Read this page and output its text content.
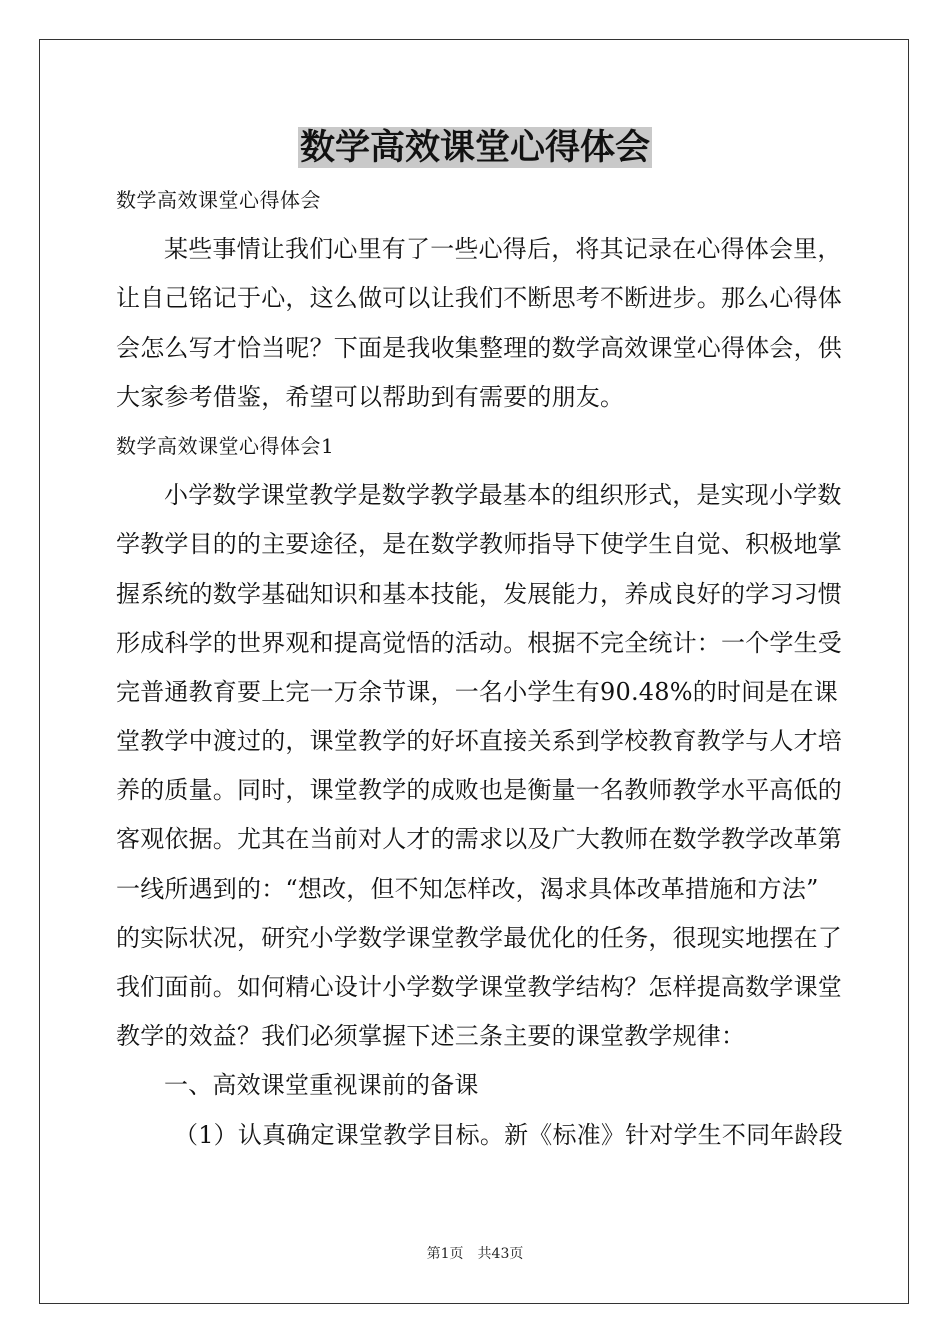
数学高效课堂心得体会

数学高效课堂心得体会

某些事情让我们心里有了一些心得后，将其记录在心得体会里，

让自己铭记于心，这么做可以让我们不断思考不断进步。那么心得体

会怎么写才恰当呢？下面是我收集整理的数学高效课堂心得体会，供

大家参考借鉴，希望可以帮助到有需要的朋友。

数学高效课堂心得体会1

小学数学课堂教学是数学教学最基本的组织形式，是实现小学数

学教学目的的主要途径，是在数学教师指导下使学生自觉、积极地掌

握系统的数学基础知识和基本技能，发展能力，养成良好的学习习惯

形成科学的世界观和提高觉悟的活动。根据不完全统计：一个学生受

完普通教育要上完一万余节课，一名小学生有90.48%的时间是在课

堂教学中渡过的，课堂教学的好坏直接关系到学校教育教学与人才培

养的质量。同时，课堂教学的成败也是衡量一名教师教学水平高低的

客观依据。尤其在当前对人才的需求以及广大教师在数学教学改革第

一线所遇到的：“想改，但不知怎样改，渴求具体改革措施和方法”

的实际状况，研究小学数学课堂教学最优化的任务，很现实地摆在了

我们面前。如何精心设计小学数学课堂教学结构？怎样提高数学课堂

教学的效益？我们必须掌握下述三条主要的课堂教学规律：

一、高效课堂重视课前的备课

（1）认真确定课堂教学目标。新《标准》针对学生不同年龄段

第1页 共43页
